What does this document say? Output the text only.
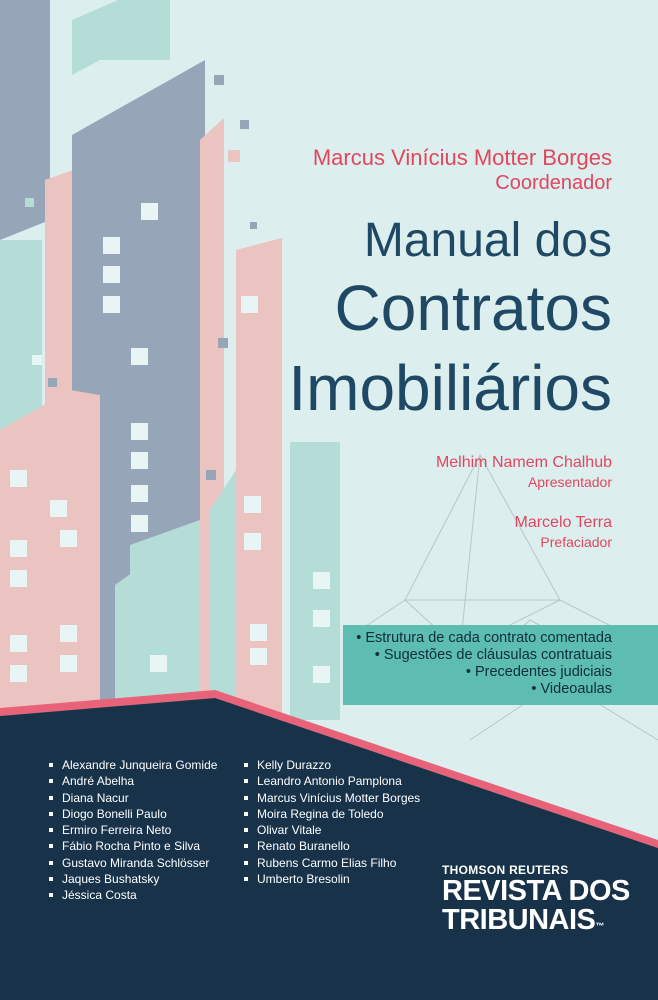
Marcus Vinícius Motter Borges

Coordenador

Manual dos
Contratos
Imobiliários

Melhim Namem Chalhub

Apresentador

Marcelo Terra

Prefaciador

• Estrutura de cada contrato comentada
• Sugestões de cláusulas contratuais
• Precedentes judiciais
• Videoaulas
Alexandre Junqueira Gomide
André Abelha
Diana Nacur
Diogo Bonelli Paulo
Ermiro Ferreira Neto
Fábio Rocha Pinto e Silva
Gustavo Miranda Schlösser
Jaques Bushatsky
Jéssica Costa
Kelly Durazzo
Leandro Antonio Pamplona
Marcus Vinícius Motter Borges
Moira Regina de Toledo
Olivar Vitale
Renato Buranello
Rubens Carmo Elias Filho
Umberto Bresolin

THOMSON REUTERS

REVISTA DOS

TRIBUNAIS™
